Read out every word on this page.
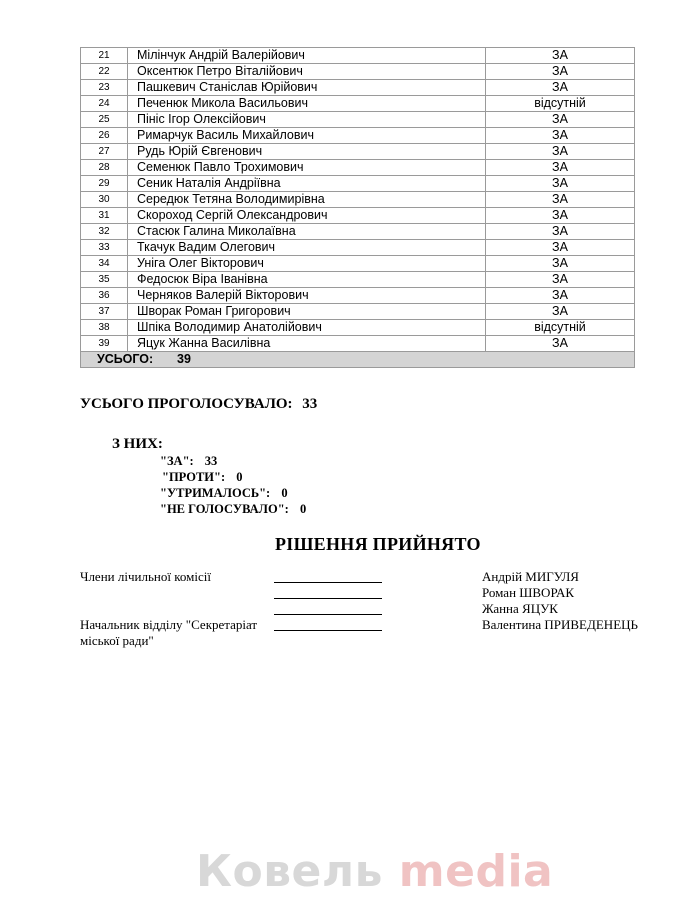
21	Мілінчук Андрій Валерійович	ЗА
22	Оксентюк Петро Віталійович	ЗА
23	Пашкевич Станіслав Юрійович	ЗА
24	Печенюк Микола Васильович	відсутній
25	Пініс Ігор Олексійович	ЗА
26	Римарчук Василь Михайлович	ЗА
27	Рудь Юрій Євгенович	ЗА
28	Семенюк Павло Трохимович	ЗА
29	Сеник Наталія Андріївна	ЗА
30	Середюк Тетяна Володимирівна	ЗА
31	Скороход Сергій Олександрович	ЗА
32	Стасюк Галина Миколаївна	ЗА
33	Ткачук Вадим Олегович	ЗА
34	Уніга Олег Вікторович	ЗА
35	Федосюк Віра Іванівна	ЗА
36	Черняков Валерій Вікторович	ЗА
37	Шворак Роман Григорович	ЗА
38	Шпіка Володимир Анатолійович	відсутній
39	Яцук Жанна Василівна	ЗА
УСЬОГО: 39		
УСЬОГО ПРОГОЛОСУВАЛО: 33
З НИХ:
"ЗА": 33
"ПРОТИ": 0
"УТРИМАЛОСЬ": 0
"НЕ ГОЛОСУВАЛО": 0
РІШЕННЯ ПРИЙНЯТО
Члени лічильної комісії	Андрій МИГУЛЯ
Роман ШВОРАК
Жанна ЯЦУК
Начальник відділу "Секретаріат
міської ради"
Валентина ПРИВЕДЕНЕЦЬ
Ковель media
